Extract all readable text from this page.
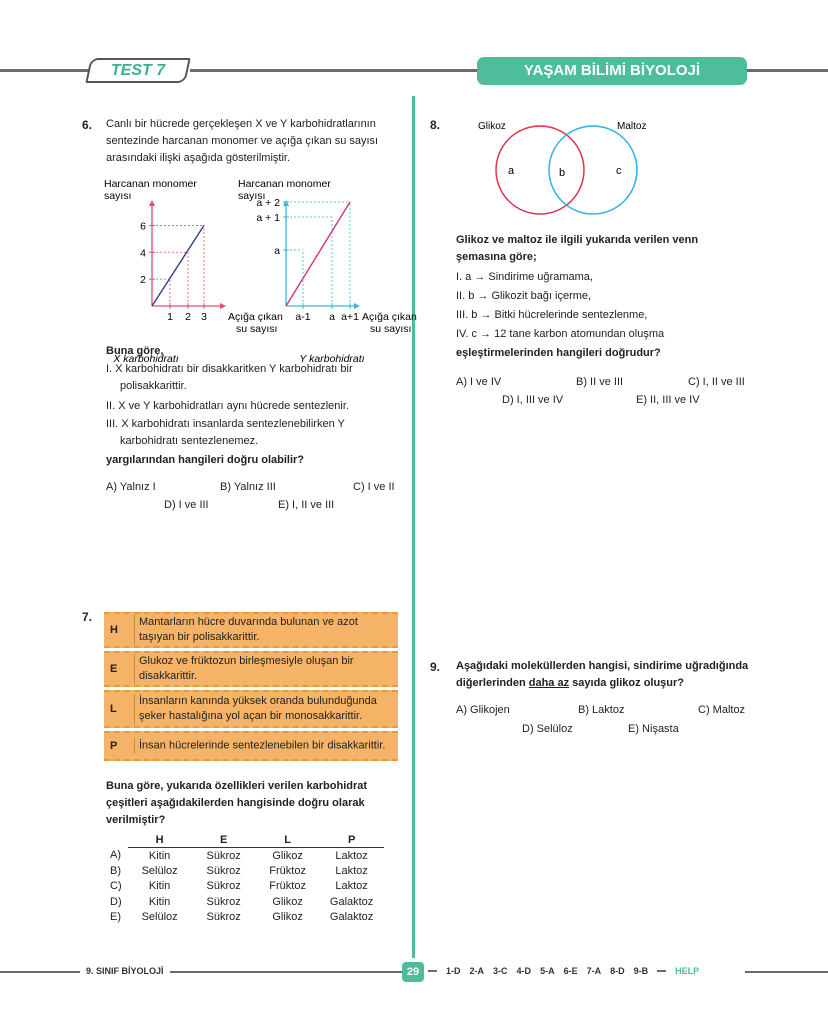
TEST 7	YAŞAM BİLİMİ BİYOLOJİ
6. Canlı bir hücrede gerçekleşen X ve Y karbohidratlarının sentezinde harcanan monomer ve açığa çıkan su sayısı arasındaki ilişki aşağıda gösterilmiştir.
Harcanan monomer
sayısı
1
2
2
4
3
6
Açığa çıkan
X karbohidratı
Harcanan monomer
sayısı
a-1
a
a
a + 1
a+1
a + 2
Açığa çıkan
Y karbohidratı
su sayısı	su sayısı
Buna göre,
I. X karbohidratı bir disakkaritken Y karbohidratı bir polisakkarittir.
II. X ve Y karbohidratları aynı hücrede sentezlenir.
III. X karbohidratı insanlarda sentezlenebilirken Y karbohidratı sentezlenemez.
yargılarından hangileri doğru olabilir?
A) Yalnız I	B) Yalnız III	C) I ve II
D) I ve III	E) I, II ve III
7.
H
Mantarların hücre duvarında bulunan ve azot taşıyan bir polisakkarittir.
E
Glukoz ve früktozun birleşmesiyle oluşan bir disakkarittir.
L
İnsanların kanında yüksek oranda bulunduğunda şeker hastalığına yol açan bir monosakkarittir.
P	İnsan hücrelerinde sentezlenebilen bir disakkarittir.
Buna göre, yukarıda özellikleri verilen karbohidrat çeşitleri aşağıdakilerden hangisinde doğru olarak verilmiştir?
	H	E	L	P
A)	Kitin	Sükroz	Glikoz	Laktoz
B)	Selüloz	Sükroz	Früktoz	Laktoz
C)	Kitin	Sükroz	Früktoz	Laktoz
D)	Kitin	Sükroz	Glikoz	Galaktoz
E)	Selüloz	Sükroz	Glikoz	Galaktoz
8.	Glikoz	Maltoz
a	b	c
Glikoz ve maltoz ile ilgili yukarıda verilen venn şemasına göre;
I. a → Sindirime uğramama,
II. b → Glikozit bağı içerme,
III. b → Bitki hücrelerinde sentezlenme,
IV. c → 12 tane karbon atomundan oluşma
eşleştirmelerinden hangileri doğrudur?
A) I ve IV	B) II ve III	C) I, II ve III
D) I, III ve IV	E) II, III ve IV
9. Aşağıdaki moleküllerden hangisi, sindirime uğradığında diğerlerinden daha az sayıda glikoz oluşur?
A) Glikojen	B) Laktoz	C) Maltoz
D) Selüloz	E) Nişasta
9. SINIF BİYOLOJİ	29	1-D 2-A 3-C 4-D 5-A 6-E 7-A 8-D 9-B	HELP
